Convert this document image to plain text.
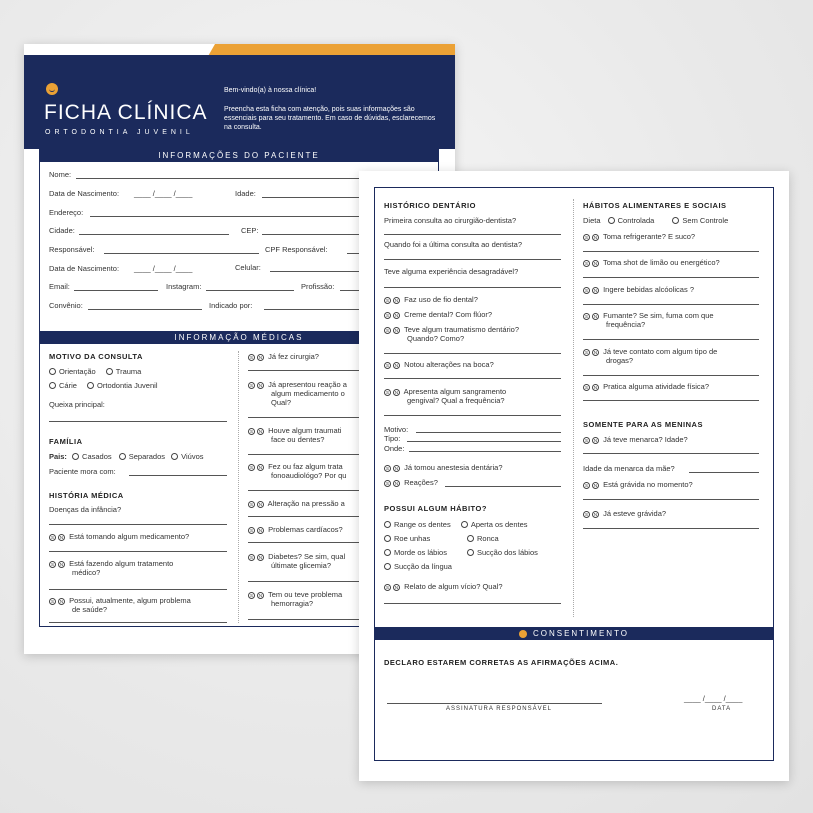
FICHA CLÍNICA
ORTODONTIA JUVENIL
Bem-vindo(a) à nossa clínica!
Preencha esta ficha com atenção, pois suas informações são essenciais para seu tratamento. Em caso de dúvidas, esclarecemos na consulta.
INFORMAÇÕES DO PACIENTE
Nome:
Data de Nascimento: ____ /____ /____	Idade:
Endereço:
Cidade:	CEP:
Responsável:	CPF Responsável:
Data de Nascimento: ____ /____ /____	Celular:
Email:	Instagram:	Profissão:
Convênio:	Indicado por:
INFORMAÇÃO MÉDICAS
MOTIVO DA CONSULTA
Orientação	Trauma
Cárie	Ortodontia Juvenil
Queixa principal:
FAMÍLIA
Pais: Casados Separados Viúvos
Paciente mora com:
HISTÓRIA MÉDICA
Doenças da infância?
S N Está tomando algum medicamento?
S N Está fazendo algum tratamento
médico?
S N Possui, atualmente, algum problema
de saúde?
S N Já fez cirurgia?
S N Já apresentou reação a
algum medicamento o
Qual?
S N Houve algum traumati
face ou dentes?
S N Fez ou faz algum trata
fonoaudiológo? Por qu
S N Alteração na pressão a
S N Problemas cardíacos?
S N Diabetes? Se sim, qual
últimate glicemia?
S N Tem ou teve problema
hemorragia?
HISTÓRICO DENTÁRIO
Primeira consulta ao cirurgião-dentista?
Quando foi a última consulta ao dentista?
Teve alguma experiência desagradável?
S N Faz uso de fio dental?
S N Creme dental? Com flúor?
S N Teve algum traumatismo dentário?
Quando? Como?
S N Notou alterações na boca?
S N Apresenta algum sangramento
gengival? Qual a frequência?
Motivo:
Tipo:
Onde:
S N Já tomou anestesia dentária?
S N Reações?
POSSUI ALGUM HÁBITO?
Range os dentes	Aperta os dentes
Roe unhas	Ronca
Morde os lábios	Sucção dos lábios
Sucção da língua
S N Relato de algum vício? Qual?
HÁBITOS ALIMENTARES E SOCIAIS
Dieta Controlada	Sem Controle
S N Toma refrigerante? E suco?
S N Toma shot de limão ou energético?
S N Ingere bebidas alcóolicas ?
S N Fumante? Se sim, fuma com que
frequência?
S N Já teve contato com algum tipo de
drogas?
S N Pratica alguma atividade física?
SOMENTE PARA AS MENINAS
S N Já teve menarca? Idade?
Idade da menarca da mãe?
S N Está grávida no momento?
S N Já esteve grávida?
CONSENTIMENTO
DECLARO ESTAREM CORRETAS AS AFIRMAÇÕES ACIMA.
ASSINATURA RESPONSÁVEL
____ /____ /____
DATA
